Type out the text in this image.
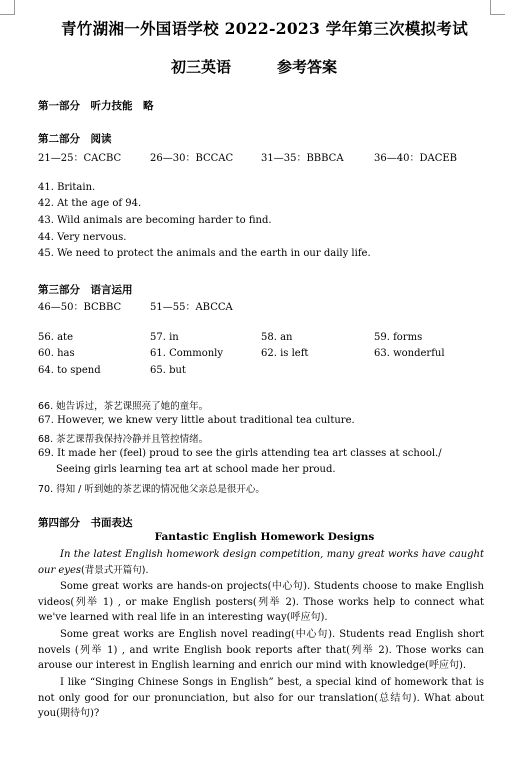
青竹湖湘一外国语学校 2022-2023 学年第三次模拟考试
初三英语	参考答案
第一部分　听力技能　略
第二部分　阅读
21—25：CACBC	26—30：BCCAC	31—35：BBBCA	36—40：DACEB
41. Britain.
42. At the age of 94.
43. Wild animals are becoming harder to find.
44. Very nervous.
45. We need to protect the animals and the earth in our daily life.
第三部分　语言运用
46—50：BCBBC	51—55：ABCCA
56. ate	57. in	58. an	59. forms
60. has	61. Commonly	62. is left	63. wonderful
64. to spend	65. but
66. 她告诉过，茶艺课照亮了她的童年。
67. However, we knew very little about traditional tea culture.
68. 茶艺课帮我保持冷静并且管控情绪。
69. It made her (feel) proud to see the girls attending tea art classes at school./
Seeing girls learning tea art at school made her proud.
70. 得知 / 听到她的茶艺课的情况他父亲总是很开心。
第四部分　书面表达
Fantastic English Homework Designs
In the latest English homework design competition, many great works have caught our eyes(背景式开篇句).
Some great works are hands-on projects(中心句). Students choose to make English videos(列举 1) , or make English posters(列举 2). Those works help to connect what we've learned with real life in an interesting way(呼应句).
Some great works are English novel reading(中心句). Students read English short novels (列举 1) , and write English book reports after that(列举 2). Those works can arouse our interest in English learning and enrich our mind with knowledge(呼应句).
I like “Singing Chinese Songs in English” best, a special kind of homework that is not only good for our pronunciation, but also for our translation(总结句). What about you(期待句)?
